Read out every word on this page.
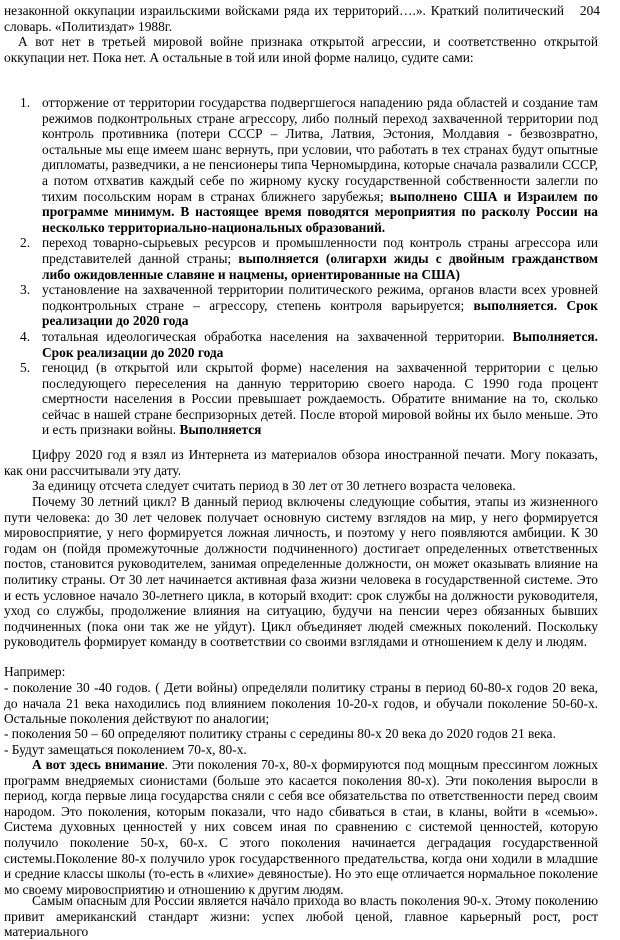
204

незаконной оккупации израильскими войсками ряда их территорий….». Краткий политический словарь. «Политиздат» 1988г.

А вот нет в третьей мировой войне признака открытой агрессии, и соответственно открытой оккупации нет. Пока нет. А остальные в той или иной форме налицо, судите сами:

1. отторжение от территории государства подвергшегося нападению ряда областей и создание там режимов подконтрольных стране агрессору, либо полный переход захваченной территории под контроль противника (потери СССР – Литва, Латвия, Эстония, Молдавия - безвозвратно, остальные мы еще имеем шанс вернуть, при условии, что работать в тех странах будут опытные дипломаты, разведчики, а не пенсионеры типа Черномырдина, которые сначала развалили СССР, а потом отхватив каждый себе по жирному куску государственной собственности залегли по тихим посольским норам в странах ближнего зарубежья; выполнено США и Израилем по программе минимум. В настоящее время поводятся мероприятия по расколу России на несколько территориально-национальных образований.

2. переход товарно-сырьевых ресурсов и промышленности под контроль страны агрессора или представителей данной страны; выполняется (олигархи жиды с двойным гражданством либо ожидовленные славяне и нацмены, ориентированные на США)

3. установление на захваченной территории политического режима, органов власти всех уровней подконтрольных стране – агрессору, степень контроля варьируется; выполняется. Срок реализации до 2020 года

4. тотальная идеологическая обработка населения на захваченной территории. Выполняется. Срок реализации до 2020 года

5. геноцид (в открытой или скрытой форме) населения на захваченной территории с целью последующего переселения на данную территорию своего народа. С 1990 года процент смертности населения в России превышает рождаемость. Обратите внимание на то, сколько сейчас в нашей стране беспризорных детей. После второй мировой войны их было меньше. Это и есть признаки войны. Выполняется

Цифру 2020 год я взял из Интернета из материалов обзора иностранной печати. Могу показать, как они рассчитывали эту дату.

За единицу отсчета следует считать период в 30 лет от 30 летнего возраста человека.

Почему 30 летний цикл? В данный период включены следующие события, этапы из жизненного пути человека: до 30 лет человек получает основную систему взглядов на мир, у него формируется мировосприятие, у него формируется ложная личность, и поэтому у него появляются амбиции. К 30 годам он (пойдя промежуточные должности подчиненного) достигает определенных ответственных постов, становится руководителем, занимая определенные должности, он может оказывать влияние на политику страны. От 30 лет начинается активная фаза жизни человека в государственной системе. Это и есть условное начало 30-летнего цикла, в который входит: срок службы на должности руководителя, уход со службы, продолжение влияния на ситуацию, будучи на пенсии через обязанных бывших подчиненных (пока они так же не уйдут). Цикл объединяет людей смежных поколений. Поскольку руководитель формирует команду в соответствии со своими взглядами и отношением к делу и людям.

Например:

- поколение 30 -40 годов. ( Дети войны) определяли политику страны в период 60-80-х годов 20 века, до начала 21 века находились под влиянием поколения 10-20-х годов, и обучали поколение 50-60-х. Остальные поколения действуют по аналогии;

- поколения 50 – 60 определяют политику страны с середины 80-х 20 века до 2020 годов 21 века.

- Будут замещаться поколением 70-х, 80-х.

А вот здесь внимание. Эти поколения 70-х, 80-х формируются под мощным прессингом ложных программ внедряемых сионистами (больше это касается поколения 80-х). Эти поколения выросли в период, когда первые лица государства сняли с себя все обязательства по ответственности перед своим народом. Это поколения, которым показали, что надо сбиваться в стаи, в кланы, войти в «семью». Система духовных ценностей у них совсем иная по сравнению с системой ценностей, которую получило поколение 50-х, 60-х. С этого поколения начинается деградация государственной системы.Поколение 80-х получило урок государственного предательства, когда они ходили в младшие и средние классы школы (то-есть в «лихие» девяностые). Но это еще отличается нормальное поколение мо своему мировосприятию и отношению к другим людям.

Самым опасным для России является начало прихода во власть поколения 90-х. Этому поколению привит американский стандарт жизни: успех любой ценой, главное карьерный рост, рост материального
